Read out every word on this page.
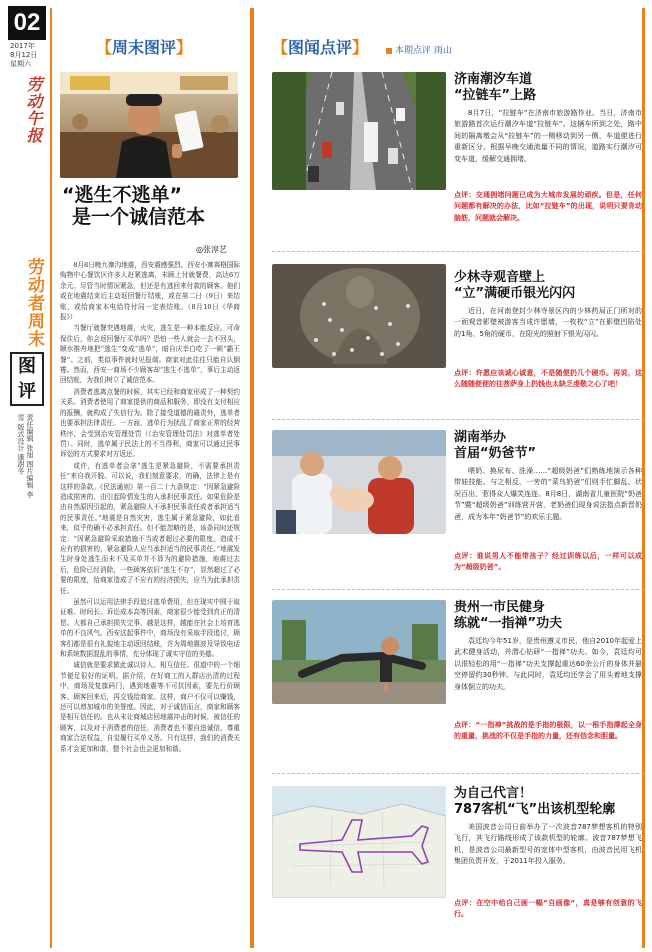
02
2017年
8月12日
星期六
劳动午报
【周末图评】
“逃生不逃单”
是一个诚信范本
◎张淳艺

8月8日晚九寨沟地震，西安震感强烈。西安小寨赛格国际购物中心餐饮区许多人赶紧逃离，未顾上付就餐费，高达6万余元。尽管当时情况紧急，但还是有逃回来付款的顾客。他们或在地震结束后主动返回餐厅结账，或在第二日（9日）来结账，或给商家本电给符付同一定表结账。（8月10日《华商报》）

当餐厅就餐突遇地震，火灾，逃生是一种本能反应。可命保住后，你会返回餐厅买单吗？恐怕一些人就会一去不回头，顺水推舟地把“逃生”变成“逃单”，暗自庆幸白吃了一顿“霸王餐”。之前，类似事件就时见报端。商家对此往往只能自认倒霉。然而，西安一商场不少顾客却“逃生不逃单”，事后主动返回结账，为我们树立了诚信范本。

消费者逃离点餐的时候，其实已经和商家形成了一种契约关系。消费者使用了商家提供的商品和服务，即没有支付相应的报酬，就构成了失信行为。除了接受道德的谴责外，逃单者也要承担法律责任。一方面，逃单行为扰乱了商家正常的经营秩序，会受到治安管理处罚（《治安管理处罚法》对逃单者处罚）。同时，逃单属于民法上的不当得利，商家可以通过民事诉讼的方式要求对方返还。

或许，有逃单者会拿“逃生是紧急避险，不需要承担责任”来自我开脱。可以说，我们刻意要求，的确，法律上是有这样的条款。《民法通则》第一百二十九条规定：“因紧急避险造成损害的，由引起险情发生的人承担民事责任。如果危险是由自然原因引起的，紧急避险人不承担民事责任或者承担适当的民事责任。”地震是自然灾害，逃生属于紧急避险，如此看来，似乎的确不必承担责任。但不能忽略的是，该条同时还规定：“因紧急避险采取措施不当或者超过必要的限度，造成不应有的损害的，紧急避险人应当承担适当的民事责任。”地震发生时身处逃生而未不及买单并不算为的避险措施，地震过去后，危险已经消除，一些顾客依旧“逃生不存”，显然超过了必要的限度，给商家造成了不应有的经济损失，应当为此承担责任。

虽然可以运用法律手段追讨逃单费用，但在现实中囿于取证难、时间长、诉讼成本高等因素，商家很少能受到真正的清偿。大都自己承担损失完事，越是这样，越能在社会上培育逃单的不良风气。西安这起事件中，商场没有采取手段追讨，顾客们都是很有礼貌地主动返回结账，并为周地震波及导致电话和系统数据混乱的事情，充分体现了诚实守信的美德。

诚信就是要求做此诚以待人、相互信任。很道中的一个细节便足很好的证明。据介绍，在好商工的人群店出清的过程中，商场及复旗码门，遇到地震等不可抗因素，要先行价顾客。顾客回来后，再交钱给商家。这样，商户不仅可以赚钱，还可以增加城市的美誉度。因此，对于诚信而言，商家和顾客是相互信任的。也从未让商城店回地震冲击的时候，被信任的顾客，以及对于消费者的信任，消费者也不要自违诚信，尊重商家合法权益，自觉履行买单义务。只有这样，我们的消费关系才会更加和谐，整个社会也会更加和谐。

劳动者周末
图评
责任编辑 张旭 图片编辑 李雪 版式设计 康澍冬
【图闻点评】	本期点评 雨山
济南潮汐车道
“拉链车”上路
8月7日，“拉链车”在济南市旅游路作业。当日，济南市旅游路首次运行潮汐车道“拉链车”。这辆车所到之处，路中间的隔离墩会从“拉链车”的一侧移动到另一侧，车道便进行重新区分。根据早晚交通流量不同的情况，道路实行潮汐可变车道，缓解交通拥堵。
点评：交通拥堵问题已成为大城市发展的顽疾。但是，任何问题都有解决的办法，比如“拉链车”的出现，说明只要肯动脑筋，问题就会解决。
少林寺观音壁上
“立”满硬币银光闪闪
近日，在河南登封少林寺景区内的少林药局正门所对的一面观音影壁被游客当成许愿墙，一枚枚“立”在影壁凹陷处的1角、5角的硬币，在阳光的照射下银光闪闪。
点评：许愿应该诚心诚意，不是随便扔几个硬币。再说，这么随随便便的往菩萨身上扔钱也太缺乏虔敬之心了吧！
湖南举办
首届“奶爸节”
喂奶、换尿布、洗澡……“超级奶爸”们熟练地演示各种带娃技能。与之相反，一旁的“菜鸟奶爸”们则手忙脚乱、状况百出，惹得众人爆笑连连。8月8日，湖南省儿童医院“奶爸节”暨“超级奶爸”训练营开营，老奶爸们现身说法指点新晋奶爸，成为本年“奶爸节”的欢乐主题。
点评：谁说男人不能带孩子？经过训练以后，一样可以成为“超级奶爸”。
贵州一市民健身
练就“一指禅”功夫
袁廷均今年51岁，是贵州遵义市民，他自2010年起爱上武术健身活动，并潜心钻研“一指禅”功夫。如今，袁廷均可以很轻松的用“一指禅”功夫支撑起重达60余公斤的身体并悬空停留约30秒钟。与此同时，袁廷均还学会了用头着地支撑身体倒立的功夫。
点评：“一指禅”挑战的是手指的极限，以一根手指撑起全身的重量，挑战的不仅是手指的力量，还有信念和胆量。
为自己代言！
787客机“飞”出该机型轮廓
美国波音公司日前举办了一次波音787梦想客机的特别飞行，其飞行路线形成了该款机型的轮廓。波音787梦想飞机，是波音公司最新型号的宽体中型客机，由波音民用飞机集团负责开发，于2011年投入服务。
点评：在空中给自己画一幅“自画像”，真是够有创意的飞行。
